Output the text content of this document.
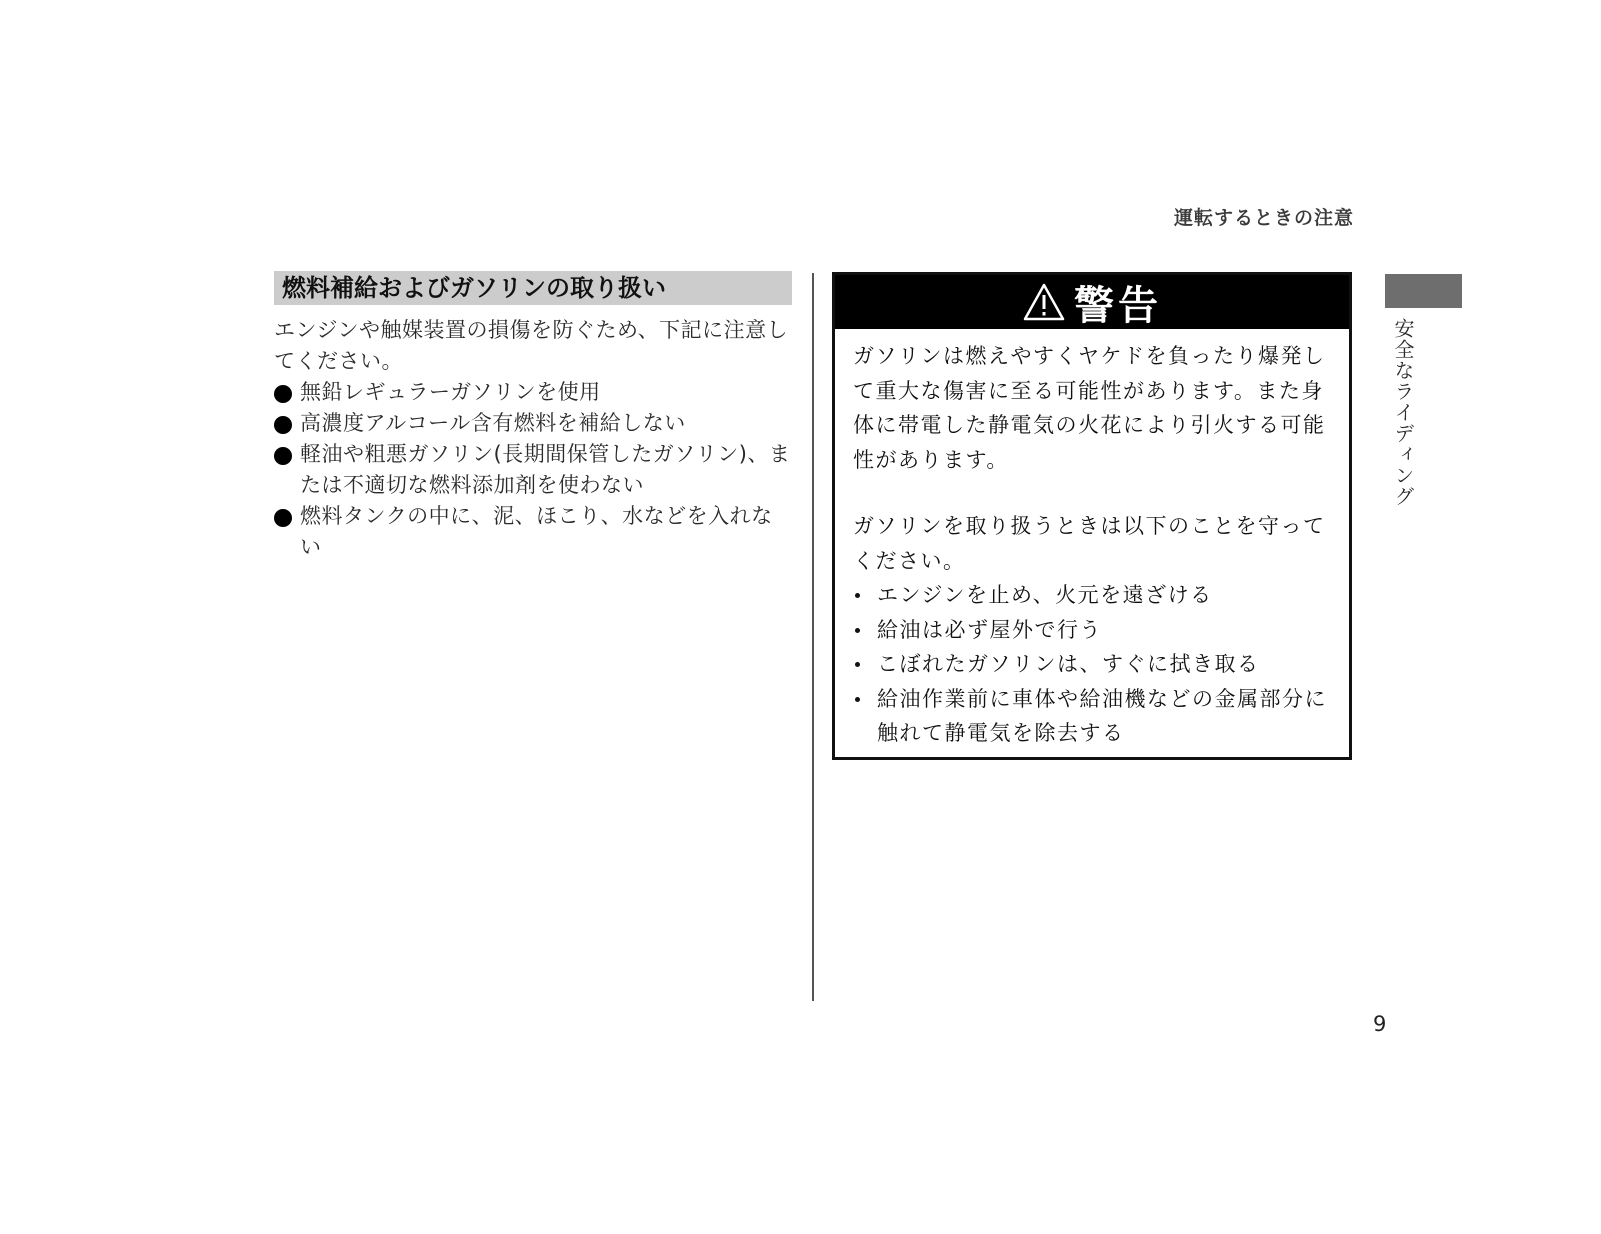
運転するときの注意
燃料補給およびガソリンの取り扱い
エンジンや触媒装置の損傷を防ぐため、下記に注意してください。
無鉛レギュラーガソリンを使用
高濃度アルコール含有燃料を補給しない
軽油や粗悪ガソリン(長期間保管したガソリン)、または不適切な燃料添加剤を使わない
燃料タンクの中に、泥、ほこり、水などを入れない
警告

ガソリンは燃えやすくヤケドを負ったり爆発して重大な傷害に至る可能性があります。また身体に帯電した静電気の火花により引火する可能性があります。

ガソリンを取り扱うときは以下のことを守ってください。

エンジンを止め、火元を遠ざける
給油は必ず屋外で行う
こぼれたガソリンは、すぐに拭き取る
給油作業前に車体や給油機などの金属部分に触れて静電気を除去する
安全なライディング
9
